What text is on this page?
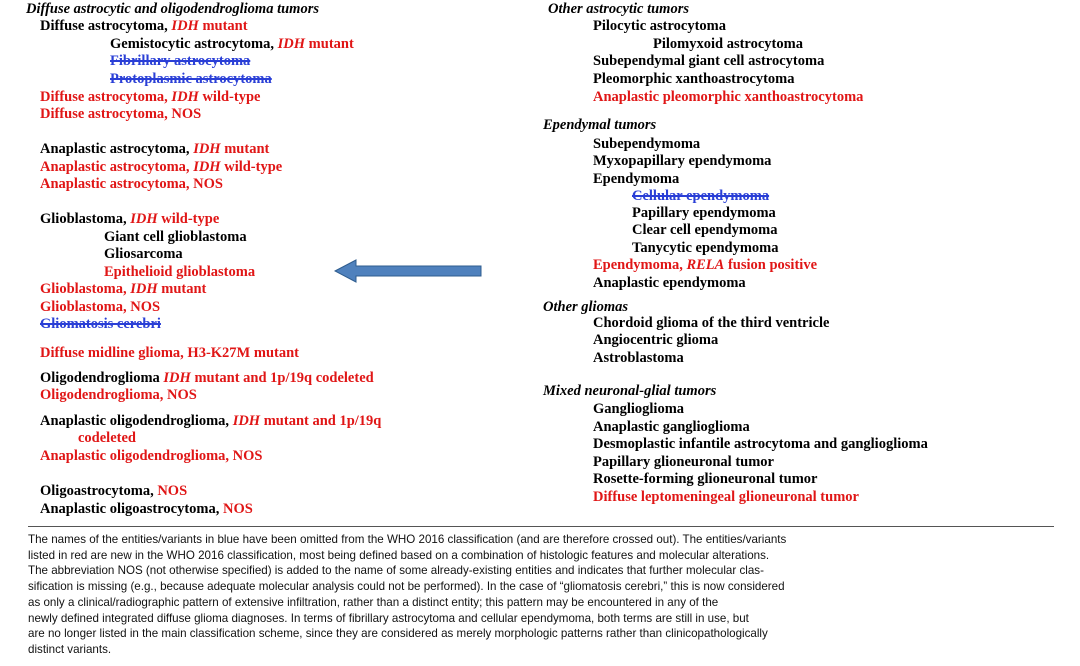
Diffuse astrocytic and oligodendroglioma tumors
Diffuse astrocytoma, IDH mutant
Gemistocytic astrocytoma, IDH mutant
Fibrillary astrocytoma
Protoplasmic astrocytoma
Diffuse astrocytoma, IDH wild-type
Diffuse astrocytoma, NOS
Anaplastic astrocytoma, IDH mutant
Anaplastic astrocytoma, IDH wild-type
Anaplastic astrocytoma, NOS
Glioblastoma, IDH wild-type
Giant cell glioblastoma
Gliosarcoma
Epithelioid glioblastoma
Glioblastoma, IDH mutant
Glioblastoma, NOS
Gliomatosis cerebri
Diffuse midline glioma, H3-K27M mutant
Oligodendroglioma IDH mutant and 1p/19q codeleted
Oligodendroglioma, NOS
Anaplastic oligodendroglioma, IDH mutant and 1p/19q
codeleted
Anaplastic oligodendroglioma, NOS
Oligoastrocytoma, NOS
Anaplastic oligoastrocytoma, NOS
Other astrocytic tumors
Pilocytic astrocytoma
Pilomyxoid astrocytoma
Subependymal giant cell astrocytoma
Pleomorphic xanthoastrocytoma
Anaplastic pleomorphic xanthoastrocytoma
Ependymal tumors
Subependymoma
Myxopapillary ependymoma
Ependymoma
Cellular ependymoma
Papillary ependymoma
Clear cell ependymoma
Tanycytic ependymoma
Ependymoma, RELA fusion positive
Anaplastic ependymoma
Other gliomas
Chordoid glioma of the third ventricle
Angiocentric glioma
Astroblastoma
Mixed neuronal-glial tumors
Ganglioglioma
Anaplastic ganglioglioma
Desmoplastic infantile astrocytoma and ganglioglioma
Papillary glioneuronal tumor
Rosette-forming glioneuronal tumor
Diffuse leptomeningeal glioneuronal tumor
The names of the entities/variants in blue have been omitted from the WHO 2016 classification (and are therefore crossed out). The entities/variants
listed in red are new in the WHO 2016 classification, most being defined based on a combination of histologic features and molecular alterations.
The abbreviation NOS (not otherwise specified) is added to the name of some already-existing entities and indicates that further molecular clas-
sification is missing (e.g., because adequate molecular analysis could not be performed). In the case of “gliomatosis cerebri,” this is now considered
as only a clinical/radiographic pattern of extensive infiltration, rather than a distinct entity; this pattern may be encountered in any of the
newly defined integrated diffuse glioma diagnoses. In terms of fibrillary astrocytoma and cellular ependymoma, both terms are still in use, but
are no longer listed in the main classification scheme, since they are considered as merely morphologic patterns rather than clinicopathologically
distinct variants.
